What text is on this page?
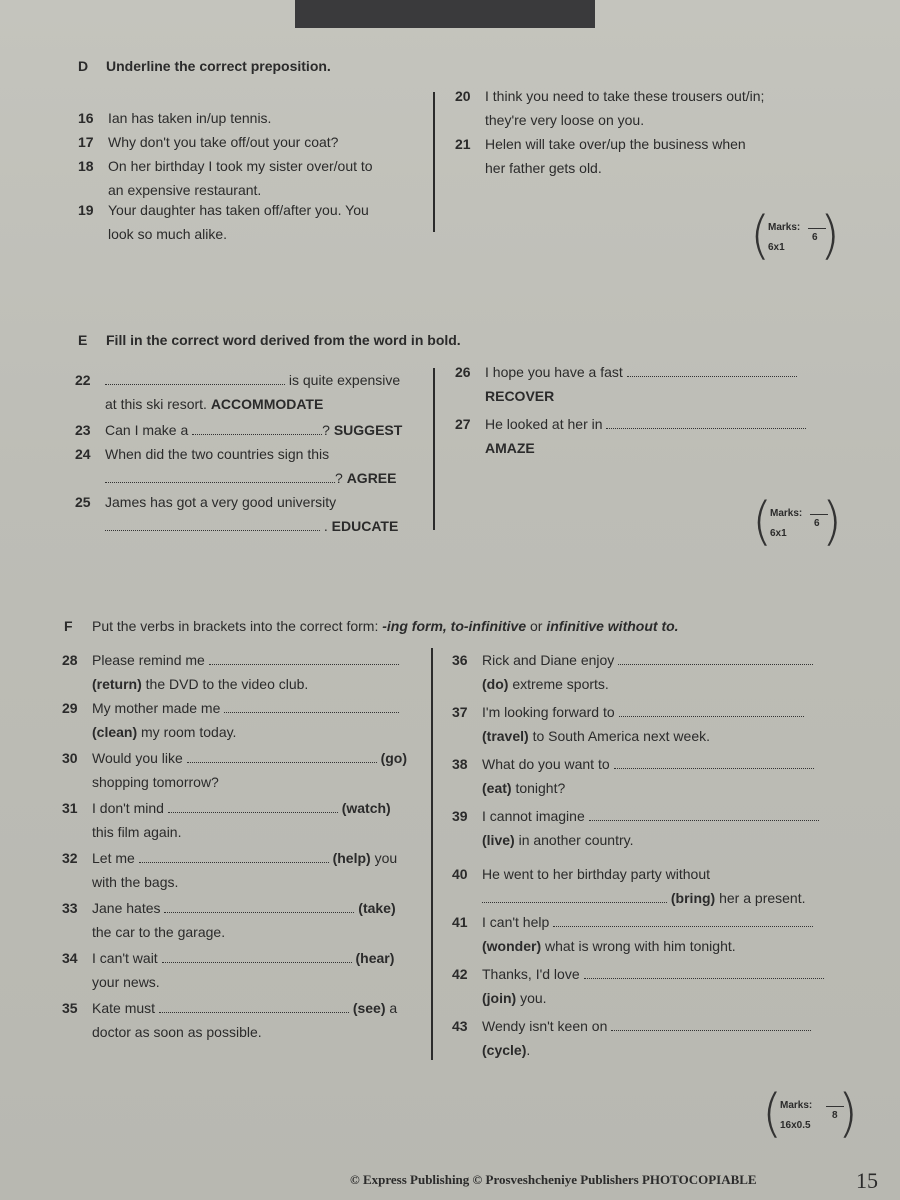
D Underline the correct preposition.
16	Ian has taken in/up tennis.
17	Why don't you take off/out your coat?
18	On her birthday I took my sister over/out to
an expensive restaurant.
19	Your daughter has taken off/after you. You
look so much alike.
20	I think you need to take these trousers out/in;
they're very loose on you.
21	Helen will take over/up the business when
her father gets old.
(
Marks:
6
6x1 )
E Fill in the correct word derived from the word in bold.
22	is quite expensive
at this ski resort. ACCOMMODATE
23	Can I make a	? SUGGEST
24	When did the two countries sign this
? AGREE
25	James has got a very good university
. EDUCATE
26	I hope you have a fast
RECOVER
27	He looked at her in
AMAZE
(
Marks:
6
6x1 )
F Put the verbs in brackets into the correct form: -ing form, to-infinitive or infinitive without to.
28	Please remind me
(return) the DVD to the video club.
29	My mother made me
(clean) my room today.
30	Would you like	(go)
shopping tomorrow?
31	I don't mind	(watch)
this film again.
32	Let me	(help) you
with the bags.
33	Jane hates	(take)
the car to the garage.
34	I can't wait	(hear)
your news.
35	Kate must	(see) a
doctor as soon as possible.
36	Rick and Diane enjoy
(do) extreme sports.
37	I'm looking forward to
(travel) to South America next week.
38	What do you want to
(eat) tonight?
39	I cannot imagine
(live) in another country.
40	He went to her birthday party without
(bring) her a present.
41	I can't help
(wonder) what is wrong with him tonight.
42	Thanks, I'd love
(join) you.
43	Wendy isn't keen on
(cycle).
(
Marks:
8
16x0.5 )
© Express Publishing © Prosveshcheniye Publishers PHOTOCOPIABLE	15
